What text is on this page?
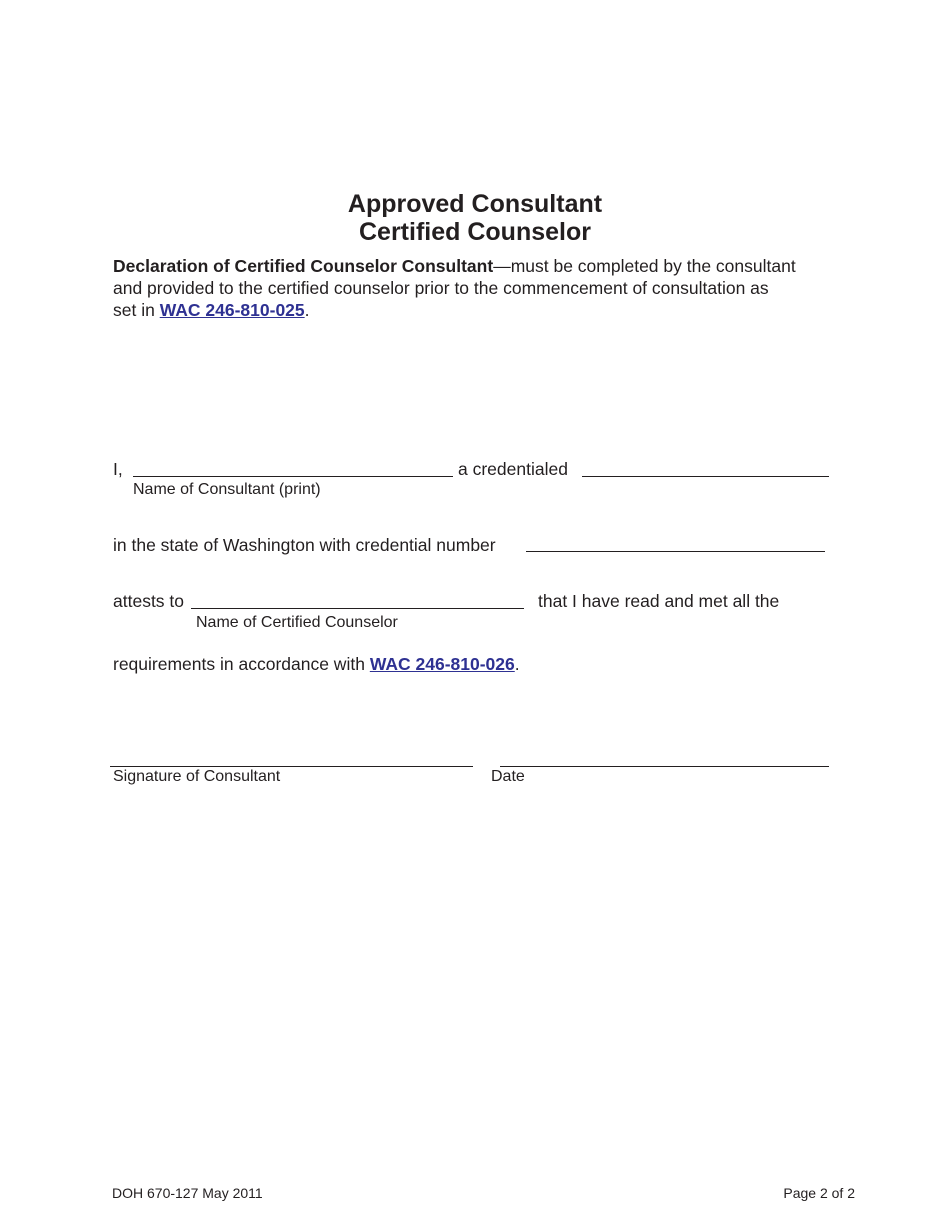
Approved Consultant
Certified Counselor
Declaration of Certified Counselor Consultant—must be completed by the consultant
and provided to the certified counselor prior to the commencement of consultation as
set in WAC 246-810-025.
I,	a credentialed
Name of Consultant (print)
in the state of Washington with credential number
attests to	that I have read and met all the
Name of Certified Counselor
requirements in accordance with WAC 246-810-026.
Signature of Consultant	Date
DOH 670-127 May 2011	Page 2 of 2
